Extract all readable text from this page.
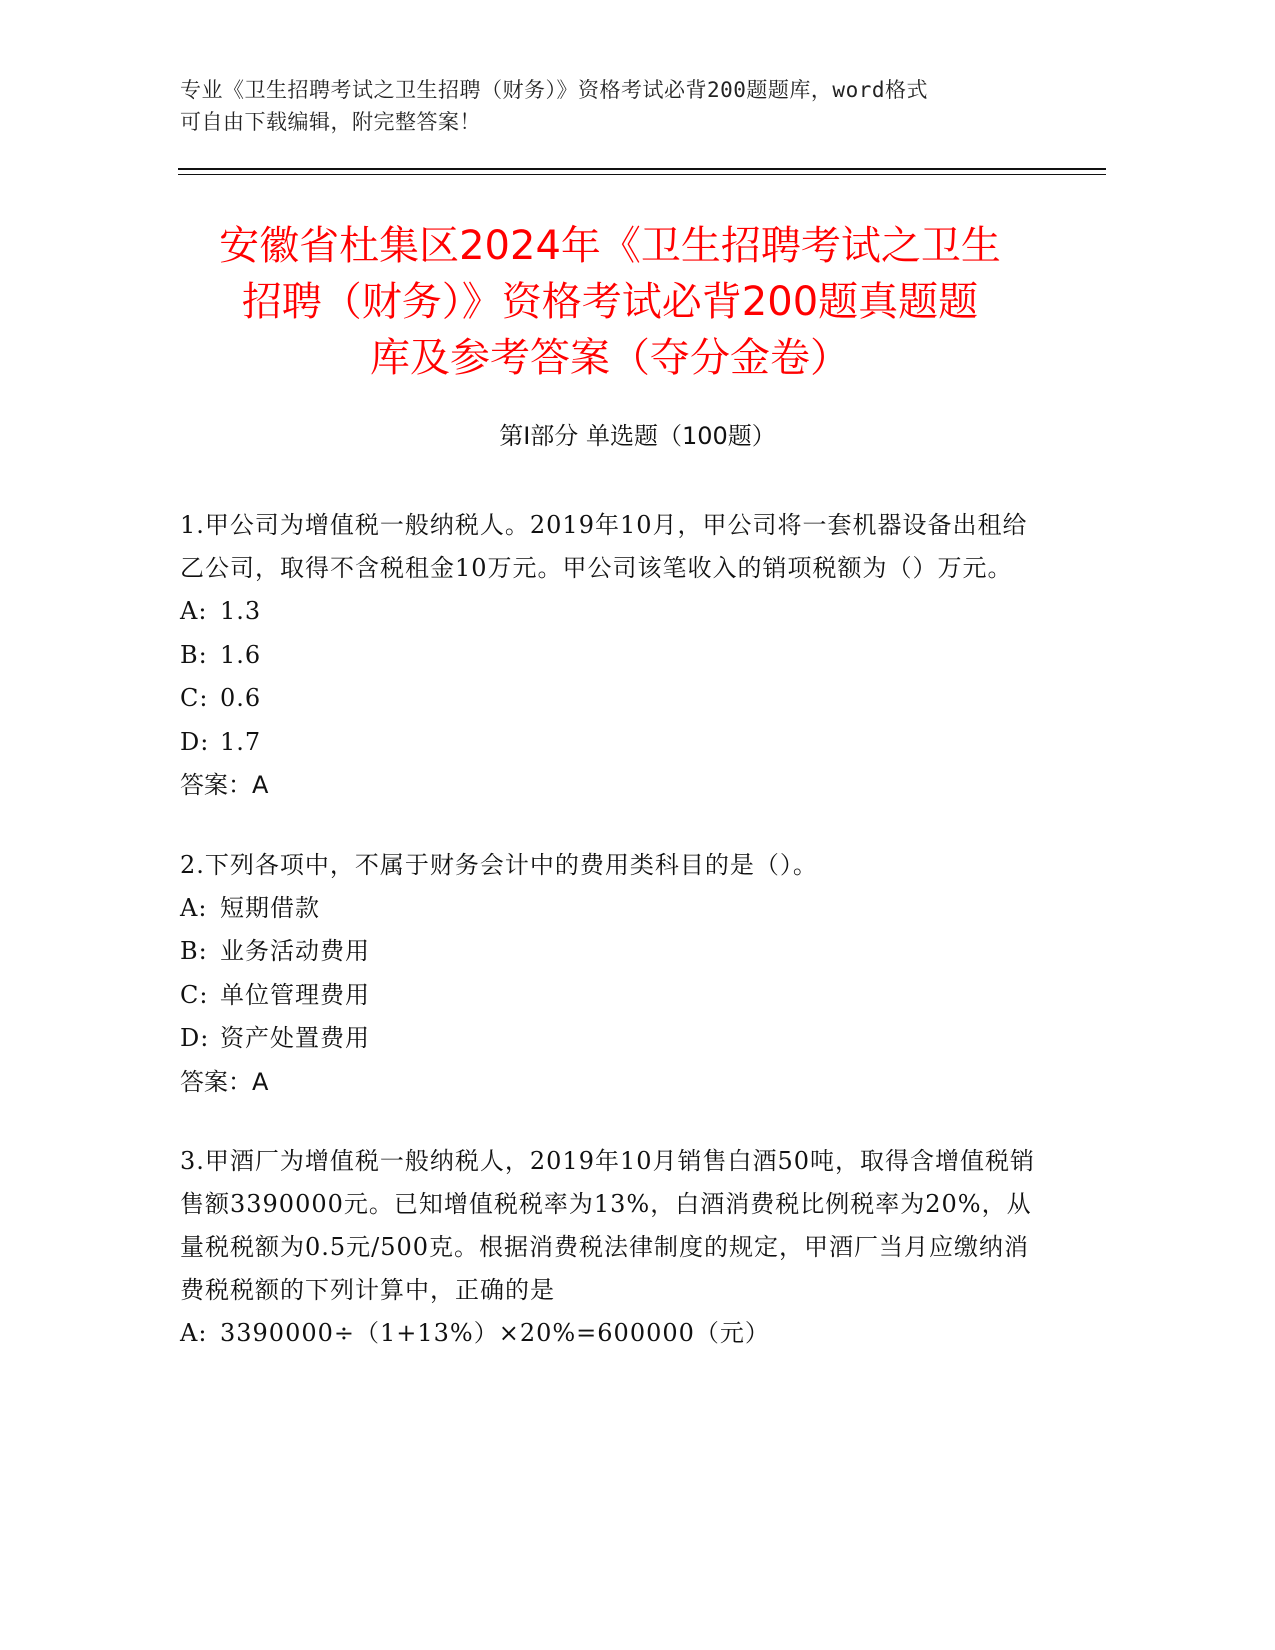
专业《卫生招聘考试之卫生招聘（财务）》资格考试必背200题题库，word格式
可自由下载编辑，附完整答案！
安徽省杜集区2024年《卫生招聘考试之卫生
招聘（财务）》资格考试必背200题真题题
库及参考答案（夺分金卷）
第Ⅰ部分 单选题（100题）

1.甲公司为增值税一般纳税人。2019年10月，甲公司将一套机器设备出租给乙公司，取得不含税租金10万元。甲公司该笔收入的销项税额为（）万元。

A: 1.3
B: 1.6
C: 0.6
D: 1.7
答案：A

2.下列各项中，不属于财务会计中的费用类科目的是（）。

A: 短期借款
B: 业务活动费用
C: 单位管理费用
D: 资产处置费用
答案：A

3.甲酒厂为增值税一般纳税人，2019年10月销售白酒50吨，取得含增值税销售额3390000元。已知增值税税率为13%，白酒消费税比例税率为20%，从量税税额为0.5元/500克。根据消费税法律制度的规定，甲酒厂当月应缴纳消费税税额的下列计算中，正确的是

A: 3390000÷（1+13%）×20%=600000（元）
